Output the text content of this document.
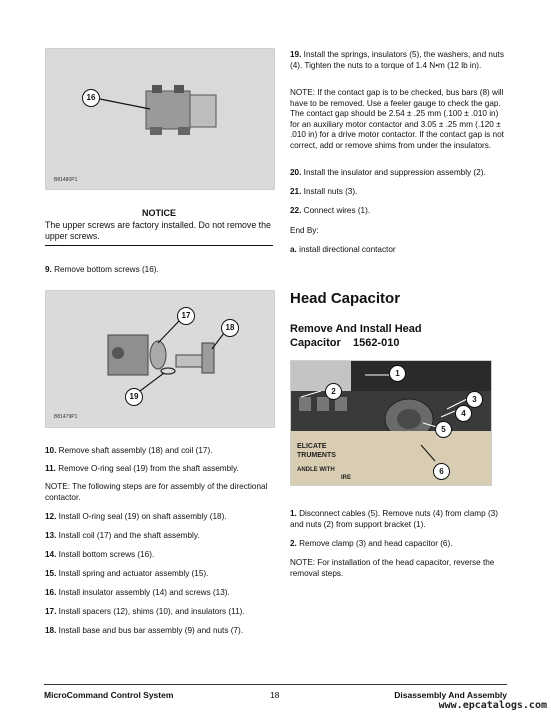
16
B81480P1
NOTICE
The upper screws are factory installed. Do not remove the upper screws.
9. Remove bottom screws (16).
17
18
19
B81479P1
10. Remove shaft assembly (18) and coil (17).
11. Remove O-ring seal (19) from the shaft assembly.
NOTE: The following steps are for assembly of the directional contactor.
12. Install O-ring seal (19) on shaft assembly (18).
13. Install coil (17) and the shaft assembly.
14. Install bottom screws (16).
15. Install spring and actuator assembly (15).
16. Install insulator assembly (14) and screws (13).
17. Install spacers (12), shims (10), and insulators (11).
18. Install base and bus bar assembly (9) and nuts (7).
19. Install the springs, insulators (5), the washers, and nuts (4). Tighten the nuts to a torque of 1.4 N•m (12 lb in).
NOTE: If the contact gap is to be checked, bus bars (8) will have to be removed. Use a feeler gauge to check the gap. The contact gap should be 2.54 ± .25 mm (.100 ± .010 in) for an auxiliary motor contactor and 3.05 ± .25 mm (.120 ± .010 in) for a drive motor contactor. If the contact gap is not correct, add or remove shims from under the insulators.
20. Install the insulator and suppression assembly (2).
21. Install nuts (3).
22. Connect wires (1).
End By:
a. install directional contactor
Head Capacitor
Remove And Install Head
Capacitor    1562-010
ELICATE
TRUMENTS
ANDLE WITH
IRE
1
2
3
4
5
6
1. Disconnect cables (5). Remove nuts (4) from clamp (3) and nuts (2) from support bracket (1).
2. Remove clamp (3) and head capacitor (6).
NOTE: For installation of the head capacitor, reverse the removal steps.
MicroCommand Control System	18	Disassembly And Assembly
www.epcatalogs.com
